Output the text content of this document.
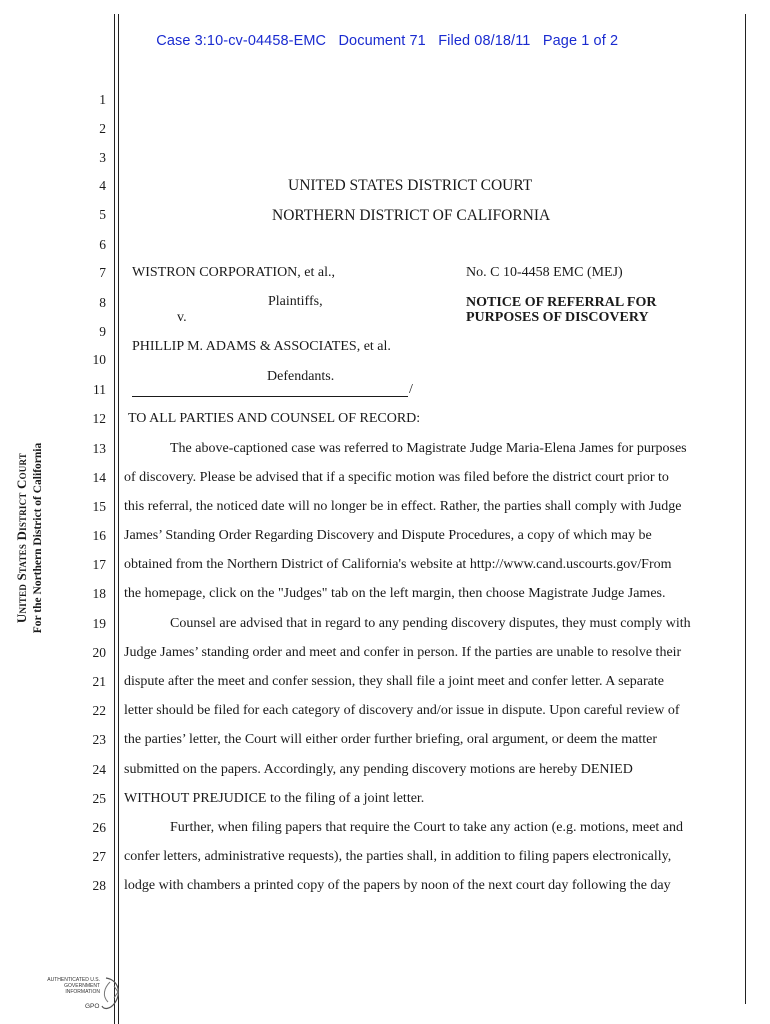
Case 3:10-cv-04458-EMC Document 71 Filed 08/18/11 Page 1 of 2

United States District Court For the Northern District of California
1
2
3
4
5
6
7
8
9
10
11
12
13
14
15
16
17
18
19
20
21
22
23
24
25
26
27
28
UNITED STATES DISTRICT COURT
NORTHERN DISTRICT OF CALIFORNIA
WISTRON CORPORATION, et al.,
Plaintiffs,
v.
PHILLIP M. ADAMS & ASSOCIATES, et al.
Defendants.
/
No. C 10-4458 EMC (MEJ)
NOTICE OF REFERRAL FOR
PURPOSES OF DISCOVERY
TO ALL PARTIES AND COUNSEL OF RECORD:
The above-captioned case was referred to Magistrate Judge Maria-Elena James for purposes
of discovery. Please be advised that if a specific motion was filed before the district court prior to
this referral, the noticed date will no longer be in effect. Rather, the parties shall comply with Judge
James’ Standing Order Regarding Discovery and Dispute Procedures, a copy of which may be
obtained from the Northern District of California's website at http://www.cand.uscourts.gov/From
the homepage, click on the "Judges" tab on the left margin, then choose Magistrate Judge James.
Counsel are advised that in regard to any pending discovery disputes, they must comply with
Judge James’ standing order and meet and confer in person. If the parties are unable to resolve their
dispute after the meet and confer session, they shall file a joint meet and confer letter. A separate
letter should be filed for each category of discovery and/or issue in dispute. Upon careful review of
the parties’ letter, the Court will either order further briefing, oral argument, or deem the matter
submitted on the papers. Accordingly, any pending discovery motions are hereby DENIED
WITHOUT PREJUDICE to the filing of a joint letter.
Further, when filing papers that require the Court to take any action (e.g. motions, meet and
confer letters, administrative requests), the parties shall, in addition to filing papers electronically,
lodge with chambers a printed copy of the papers by noon of the next court day following the day
AUTHENTICATED U.S. GOVERNMENT INFORMATION
GPO
